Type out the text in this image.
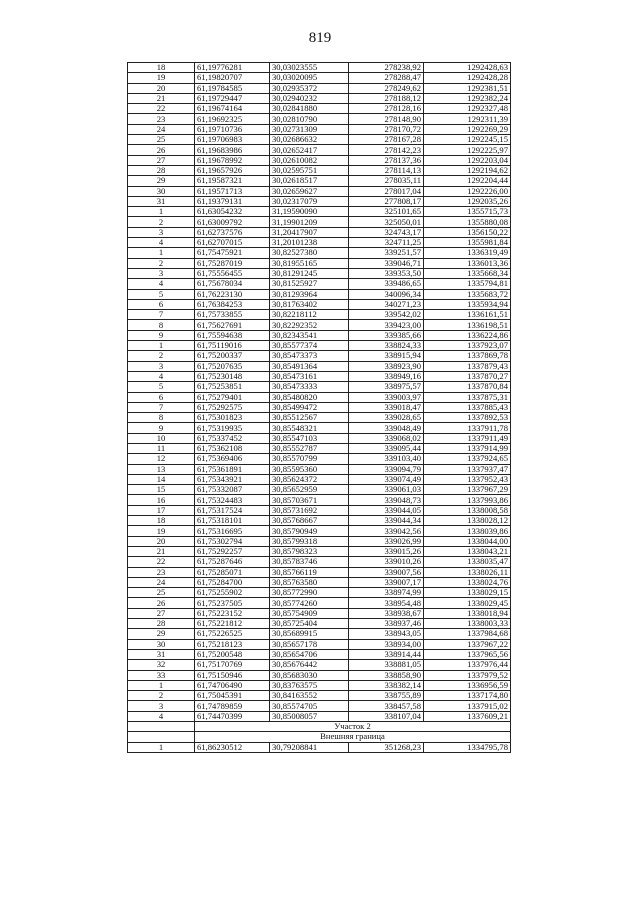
819
18	61,19776281	30,03023555	278238,92	1292428,63
19	61,19820707	30,03020095	278288,47	1292428,28
20	61,19784585	30,02935372	278249,62	1292381,51
21	61,19729447	30,02940232	278188,12	1292382,24
22	61,19674164	30,02841880	278128,16	1292327,48
23	61,19692325	30,02810790	278148,90	1292311,39
24	61,19710736	30,02731309	278170,72	1292269,29
25	61,19706983	30,02686632	278167,28	1292245,15
26	61,19683986	30,02652417	278142,23	1292225,97
27	61,19678992	30,02610082	278137,36	1292203,04
28	61,19657926	30,02595751	278114,13	1292194,62
29	61,19587321	30,02618517	278035,11	1292204,44
30	61,19571713	30,02659627	278017,04	1292226,00
31	61,19379131	30,02317079	277808,17	1292035,26
1	61,63054232	31,19590090	325101,65	1355715,73
2	61,63009792	31,19901209	325050,01	1355880,08
3	61,62737576	31,20417907	324743,17	1356150,22
4	61,62707015	31,20101238	324711,25	1355981,84
1	61,75475921	30,82527380	339251,57	1336319,49
2	61,75287019	30,81955165	339046,71	1336013,36
3	61,75556455	30,81291245	339353,50	1335668,34
4	61,75678034	30,81525927	339486,65	1335794,81
5	61,76223130	30,81293964	340096,34	1335683,72
6	61,76384253	30,81763402	340271,23	1335934,94
7	61,75733855	30,82218112	339542,02	1336161,51
8	61,75627691	30,82292352	339423,00	1336198,51
9	61,75594638	30,82343541	339385,66	1336224,86
1	61,75119016	30,85577374	338824,33	1337923,07
2	61,75200337	30,85473373	338915,94	1337869,78
3	61,75207635	30,85491364	338923,90	1337879,43
4	61,75230148	30,85473161	338949,16	1337870,27
5	61,75253851	30,85473333	338975,57	1337870,84
6	61,75279401	30,85480820	339003,97	1337875,31
7	61,75292575	30,85499472	339018,47	1337885,43
8	61,75301823	30,85512567	339028,65	1337892,53
9	61,75319935	30,85548321	339048,49	1337911,78
10	61,75337452	30,85547103	339068,02	1337911,49
11	61,75362108	30,85552787	339095,44	1337914,99
12	61,75369406	30,85570799	339103,40	1337924,65
13	61,75361891	30,85595360	339094,79	1337937,47
14	61,75343921	30,85624372	339074,49	1337952,43
15	61,75332087	30,85652959	339061,03	1337967,29
16	61,75324483	30,85703671	339048,73	1337993,86
17	61,75317524	30,85731692	339044,05	1338008,58
18	61,75318101	30,85768667	339044,34	1338028,12
19	61,75316695	30,85790949	339042,56	1338039,86
20	61,75302794	30,85799318	339026,99	1338044,00
21	61,75292257	30,85798323	339015,26	1338043,21
22	61,75287646	30,85783746	339010,26	1338035,47
23	61,75285071	30,85766119	339007,56	1338026,11
24	61,75284700	30,85763580	339007,17	1338024,76
25	61,75255902	30,85772990	338974,99	1338029,15
26	61,75237505	30,85774260	338954,48	1338029,45
27	61,75223152	30,85754909	338938,67	1338018,94
28	61,75221812	30,85725404	338937,46	1338003,33
29	61,75226525	30,85689915	338943,05	1337984,68
30	61,75218123	30,85657178	338934,00	1337967,22
31	61,75200548	30,85654706	338914,44	1337965,56
32	61,75170769	30,85676442	338881,05	1337976,44
33	61,75150946	30,85683030	338858,90	1337979,52
1	61,74706490	30,83763575	338382,14	1336956,59
2	61,75045391	30,84163552	338755,89	1337174,80
3	61,74789859	30,85574705	338457,58	1337915,02
4	61,74470399	30,85008057	338107,04	1337609,21
	Участок 2			
	Внешняя граница			
1	61,86230512	30,79208841	351268,23	1334795,78
